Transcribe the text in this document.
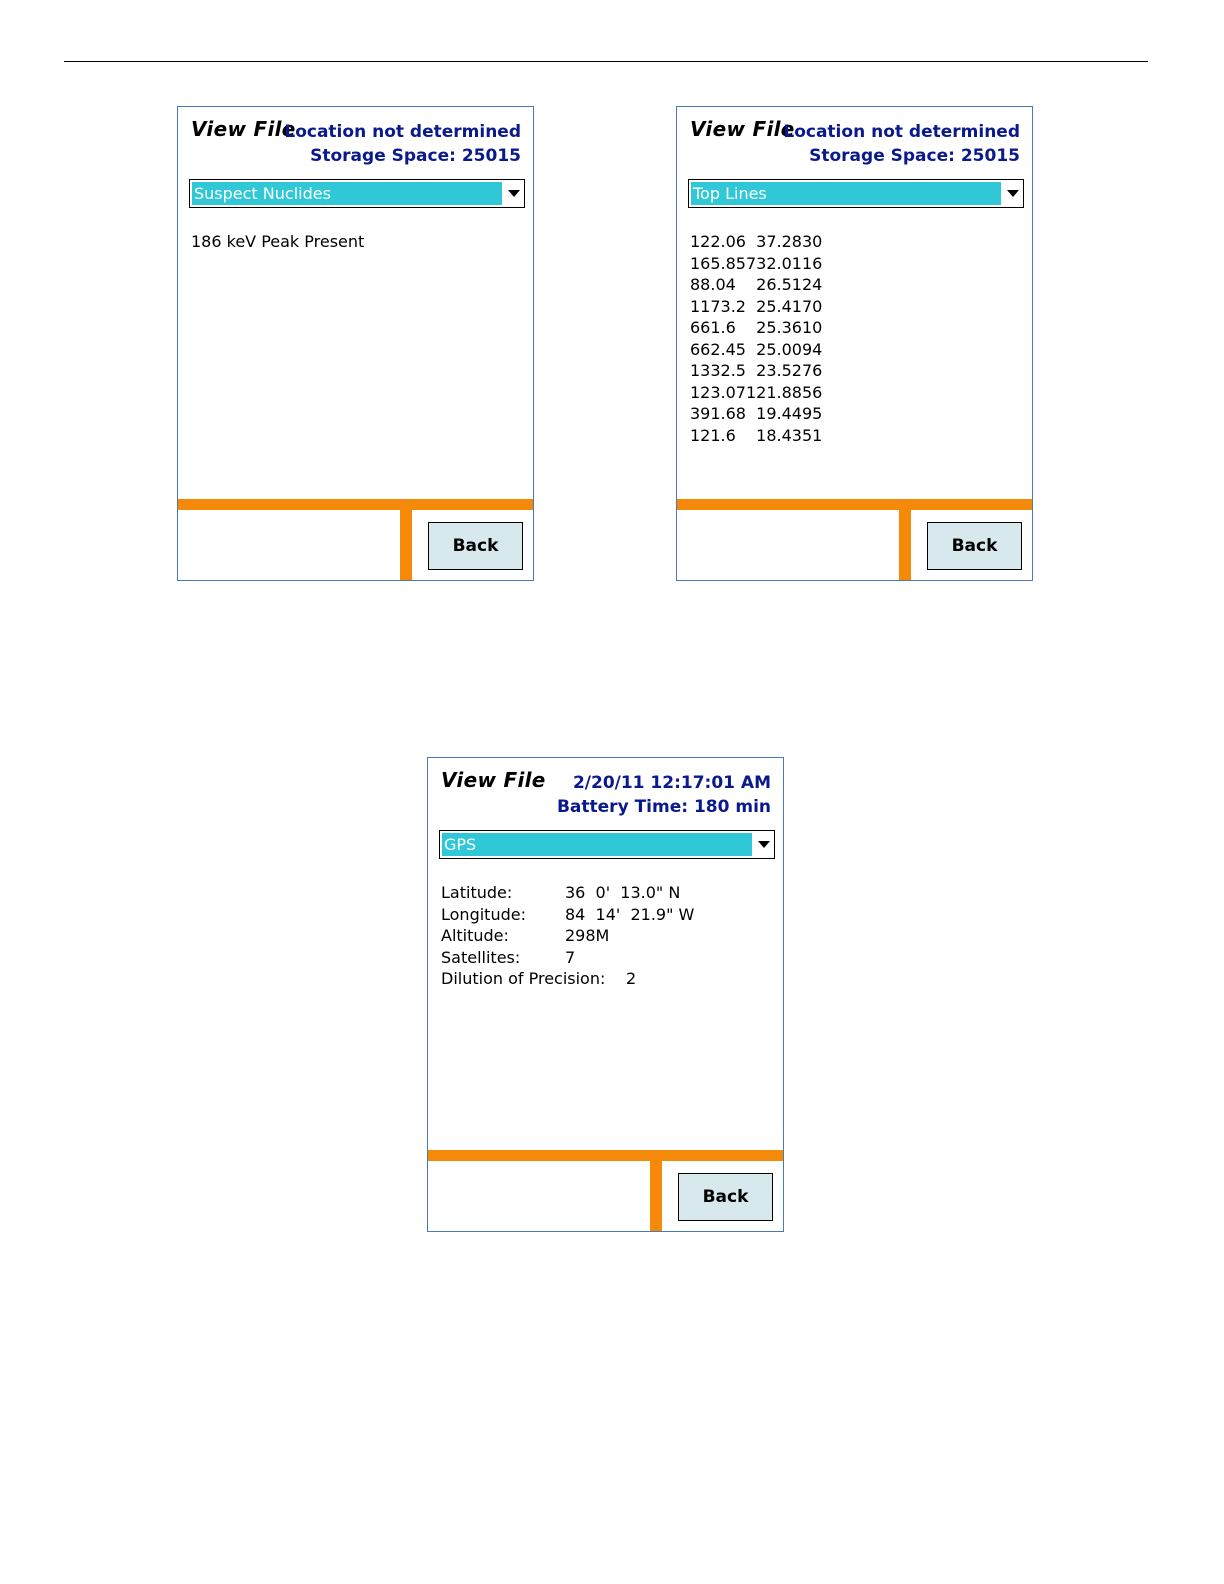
View File
Location not determined
Storage Space: 25015
Suspect Nuclides
186 keV Peak Present
Back
View File
Location not determined
Storage Space: 25015
Top Lines
122.06	37.2830
165.857	32.0116
88.04	26.5124
1173.2	25.4170
661.6	25.3610
662.45	25.0094
1332.5	23.5276
123.071	21.8856
391.68	19.4495
121.6	18.4351
Back
View File	2/20/11 12:17:01 AM
Battery Time: 180 min
GPS
Latitude:	36  0'  13.0" N
Longitude:	84  14'  21.9" W
Altitude:	298M
Satellites:	7
Dilution of Precision: 2
Back
